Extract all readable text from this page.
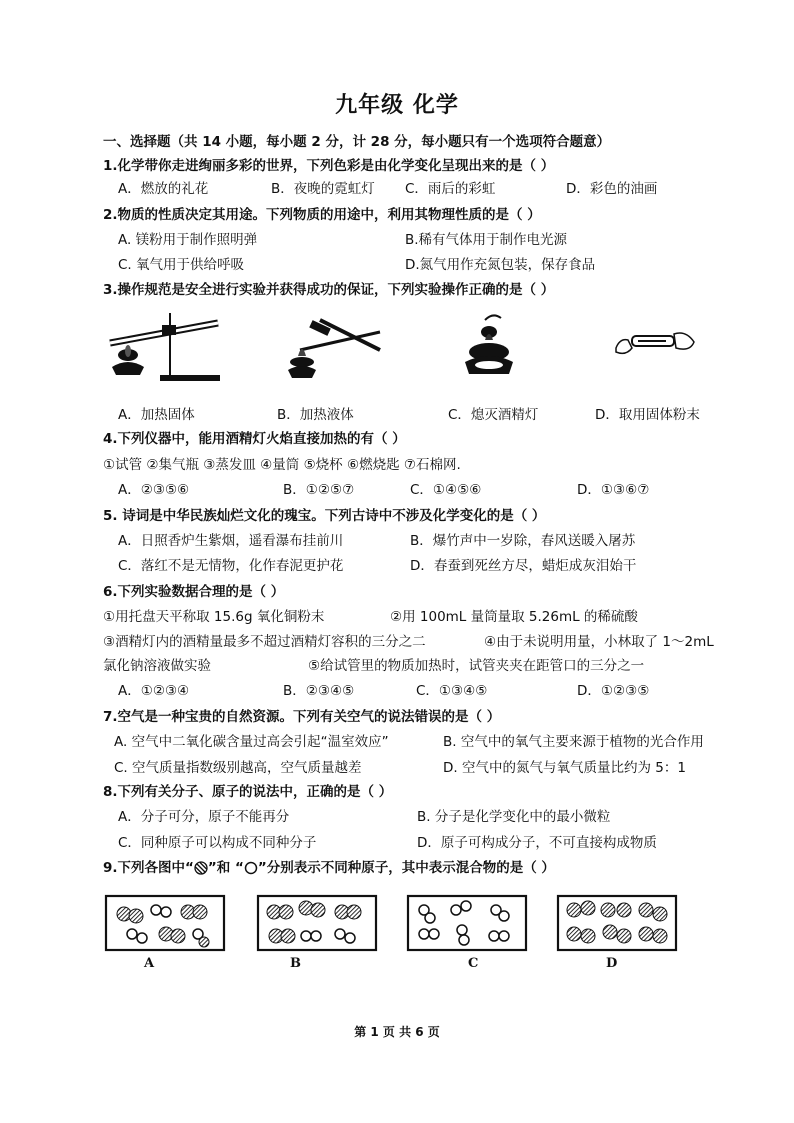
九年级 化学
一、选择题（共 14 小题，每小题 2 分，计 28 分，每小题只有一个选项符合题意）
1.化学带你走进绚丽多彩的世界，下列色彩是由化学变化呈现出来的是（ ）
A．燃放的礼花	B．夜晚的霓虹灯 C．雨后的彩虹	D．彩色的油画
2.物质的性质决定其用途。下列物质的用途中，利用其物理性质的是（ ）
A. 镁粉用于制作照明弹	B.稀有气体用于制作电光源
C. 氧气用于供给呼吸	D.氮气用作充氮包装，保存食品
3.操作规范是安全进行实验并获得成功的保证，下列实验操作正确的是（ ）
A．加热固体	B．加热液体	C．熄灭酒精灯	D．取用固体粉末
4.下列仪器中，能用酒精灯火焰直接加热的有（ ）
①试管 ②集气瓶 ③蒸发皿 ④量筒 ⑤烧杯 ⑥燃烧匙 ⑦石棉网.
A．②③⑤⑥	B．①②⑤⑦	C．①④⑤⑥	D．①③⑥⑦
5. 诗词是中华民族灿烂文化的瑰宝。下列古诗中不涉及化学变化的是（ ）
A．日照香炉生紫烟，遥看瀑布挂前川	B．爆竹声中一岁除，春风送暖入屠苏
C．落红不是无情物，化作春泥更护花	D．春蚕到死丝方尽，蜡炬成灰泪始干
6.下列实验数据合理的是（ ）
①用托盘天平称取 15.6g 氧化铜粉末	②用 100mL 量筒量取 5.26mL 的稀硫酸
③酒精灯内的酒精量最多不超过酒精灯容积的三分之二	④由于未说明用量，小林取了 1～2mL
氯化钠溶液做实验	⑤给试管里的物质加热时，试管夹夹在距管口的三分之一
A．①②③④	B．②③④⑤	C．①③④⑤	D．①②③⑤
7.空气是一种宝贵的自然资源。下列有关空气的说法错误的是（ ）
A. 空气中二氧化碳含量过高会引起“温室效应”	B. 空气中的氧气主要来源于植物的光合作用
C. 空气质量指数级别越高，空气质量越差	D. 空气中的氮气与氧气质量比约为 5：1
8.下列有关分子、原子的说法中，正确的是（ ）
A．分子可分，原子不能再分	B. 分子是化学变化中的最小微粒
C．同种原子可以构成不同种分子	D．原子可构成分子，不可直接构成物质
9.下列各图中“ ”和 “ ”分别表示不同种原子，其中表示混合物的是（ ）
A	B	C	D
第 1 页 共 6 页
